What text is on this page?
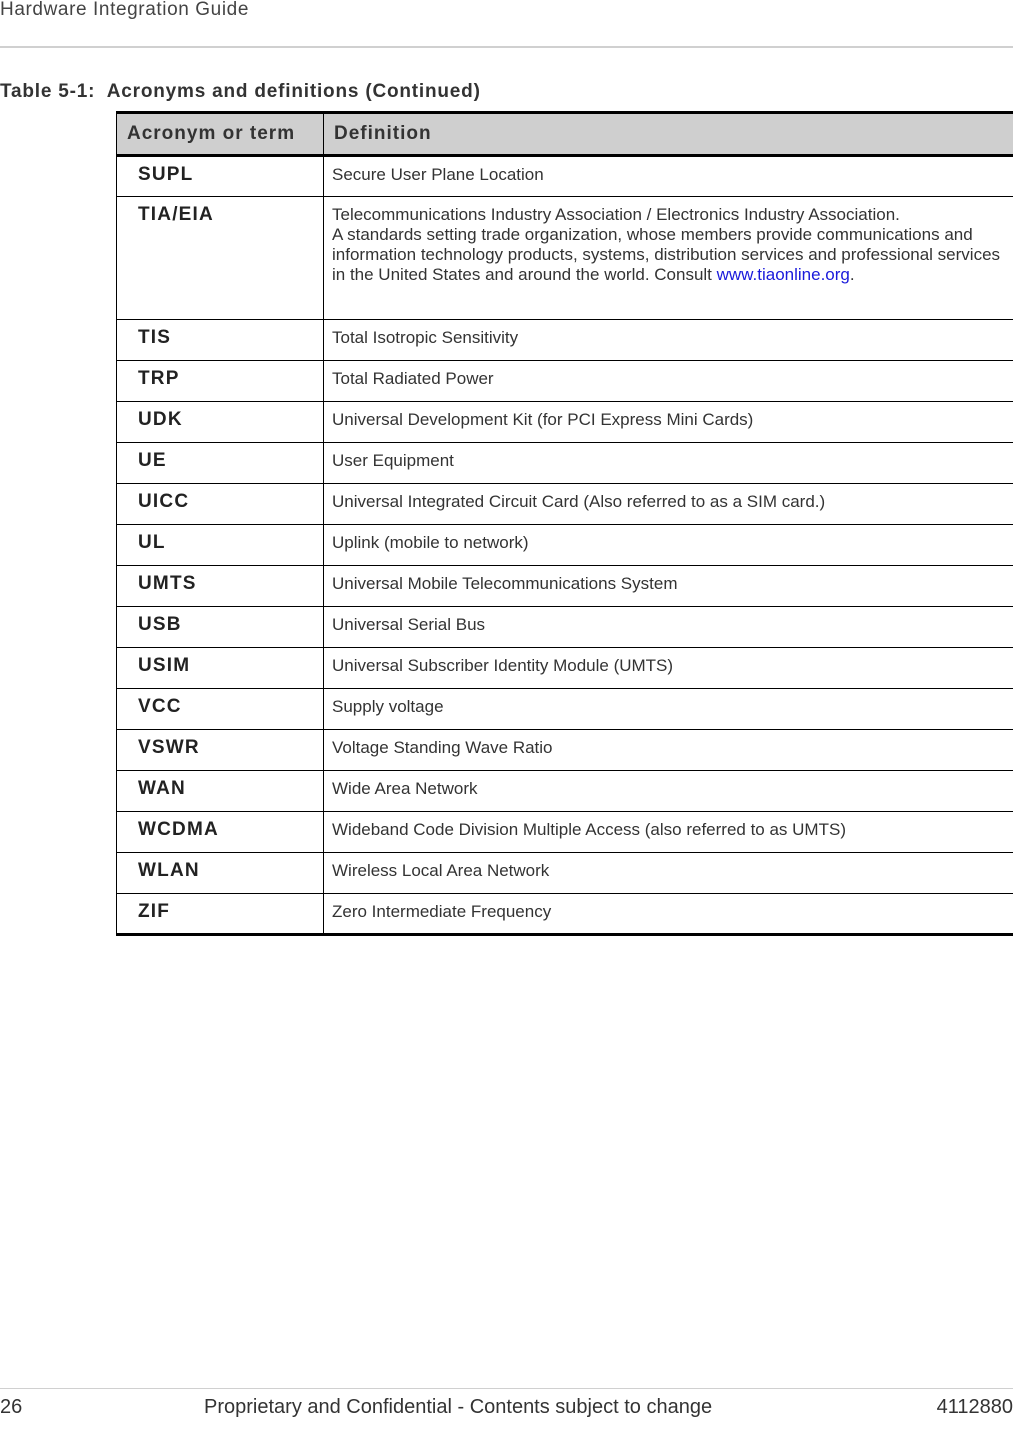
Hardware Integration Guide
Table 5-1: Acronyms and definitions (Continued)
Acronym or term	Definition

SUPL	Secure User Plane Location

TIA/EIA	Telecommunications Industry Association / Electronics Industry Association.
A standards setting trade organization, whose members provide communications and information technology products, systems, distribution services and professional services in the United States and around the world. Consult www.tiaonline.org.

TIS	Total Isotropic Sensitivity

TRP	Total Radiated Power

UDK	Universal Development Kit (for PCI Express Mini Cards)

UE	User Equipment

UICC	Universal Integrated Circuit Card (Also referred to as a SIM card.)

UL	Uplink (mobile to network)

UMTS	Universal Mobile Telecommunications System

USB	Universal Serial Bus

USIM	Universal Subscriber Identity Module (UMTS)

VCC	Supply voltage

VSWR	Voltage Standing Wave Ratio

WAN	Wide Area Network

WCDMA	Wideband Code Division Multiple Access (also referred to as UMTS)

WLAN	Wireless Local Area Network

ZIF	Zero Intermediate Frequency
26	Proprietary and Confidential - Contents subject to change	4112880
